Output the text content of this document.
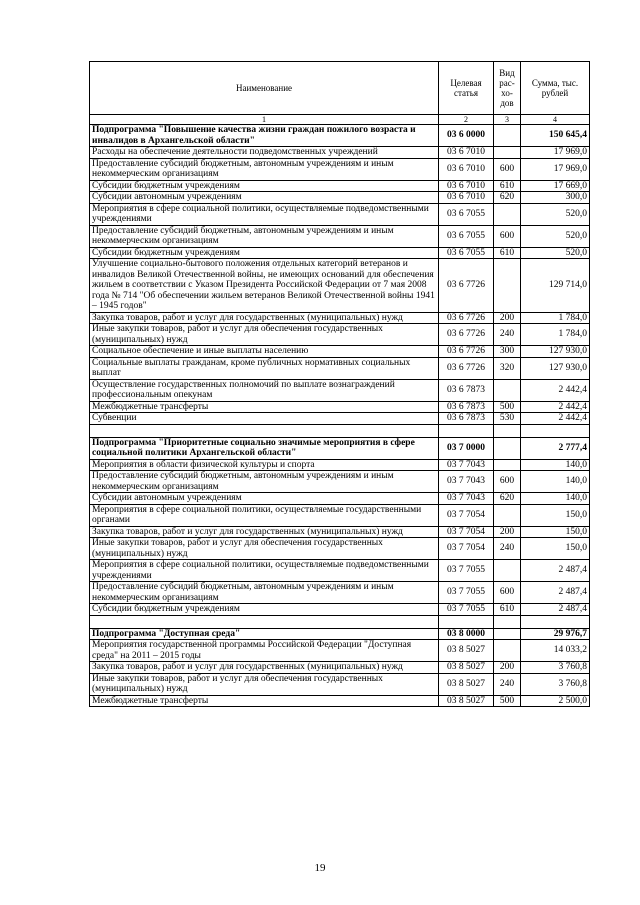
Наименование	Целевая статья	Вид рас- хо- дов	Сумма, тыс. рублей
1	2	3	4
Подпрограмма "Повышение качества жизни граждан пожилого возраста и инвалидов в Архангельской области"	03 6 0000		150 645,4
Расходы на обеспечение деятельности подведомственных учреждений	03 6 7010		17 969,0
Предоставление субсидий бюджетным, автономным учреждениям и иным некоммерческим организациям	03 6 7010	600	17 969,0
Субсидии бюджетным учреждениям	03 6 7010	610	17 669,0
Субсидии автономным учреждениям	03 6 7010	620	300,0
Мероприятия в сфере социальной политики, осуществляемые подведомственными учреждениями	03 6 7055		520,0
Предоставление субсидий бюджетным, автономным учреждениям и иным некоммерческим организациям	03 6 7055	600	520,0
Субсидии бюджетным учреждениям	03 6 7055	610	520,0
Улучшение социально-бытового положения отдельных категорий ветеранов и инвалидов Великой Отечественной войны, не имеющих оснований для обеспечения жильем в соответствии с Указом Президента Российской Федерации от 7 мая 2008 года № 714 "Об обеспечении жильем ветеранов Великой Отечественной войны 1941 – 1945 годов"	03 6 7726		129 714,0
Закупка товаров, работ и услуг для государственных (муниципальных) нужд	03 6 7726	200	1 784,0
Иные закупки товаров, работ и услуг для обеспечения государственных (муниципальных) нужд	03 6 7726	240	1 784,0
Социальное обеспечение и иные выплаты населению	03 6 7726	300	127 930,0
Социальные выплаты гражданам, кроме публичных нормативных социальных выплат	03 6 7726	320	127 930,0
Осуществление государственных полномочий по выплате вознаграждений профессиональным опекунам	03 6 7873		2 442,4
Межбюджетные трансферты	03 6 7873	500	2 442,4
Субвенции	03 6 7873	530	2 442,4

Подпрограмма "Приоритетные социально значимые мероприятия в сфере социальной политики Архангельской области"	03 7 0000		2 777,4
Мероприятия в области физической культуры и спорта	03 7 7043		140,0
Предоставление субсидий бюджетным, автономным учреждениям и иным некоммерческим организациям	03 7 7043	600	140,0
Субсидии автономным учреждениям	03 7 7043	620	140,0
Мероприятия в сфере социальной политики, осуществляемые государственными органами	03 7 7054		150,0
Закупка товаров, работ и услуг для государственных (муниципальных) нужд	03 7 7054	200	150,0
Иные закупки товаров, работ и услуг для обеспечения государственных (муниципальных) нужд	03 7 7054	240	150,0
Мероприятия в сфере социальной политики, осуществляемые подведомственными учреждениями	03 7 7055		2 487,4
Предоставление субсидий бюджетным, автономным учреждениям и иным некоммерческим организациям	03 7 7055	600	2 487,4
Субсидии бюджетным учреждениям	03 7 7055	610	2 487,4

Подпрограмма "Доступная среда"	03 8 0000		29 976,7
Мероприятия государственной программы Российской Федерации "Доступная среда" на 2011 – 2015 годы	03 8 5027		14 033,2
Закупка товаров, работ и услуг для государственных (муниципальных) нужд	03 8 5027	200	3 760,8
Иные закупки товаров, работ и услуг для обеспечения государственных (муниципальных) нужд	03 8 5027	240	3 760,8
Межбюджетные трансферты	03 8 5027	500	2 500,0
19
